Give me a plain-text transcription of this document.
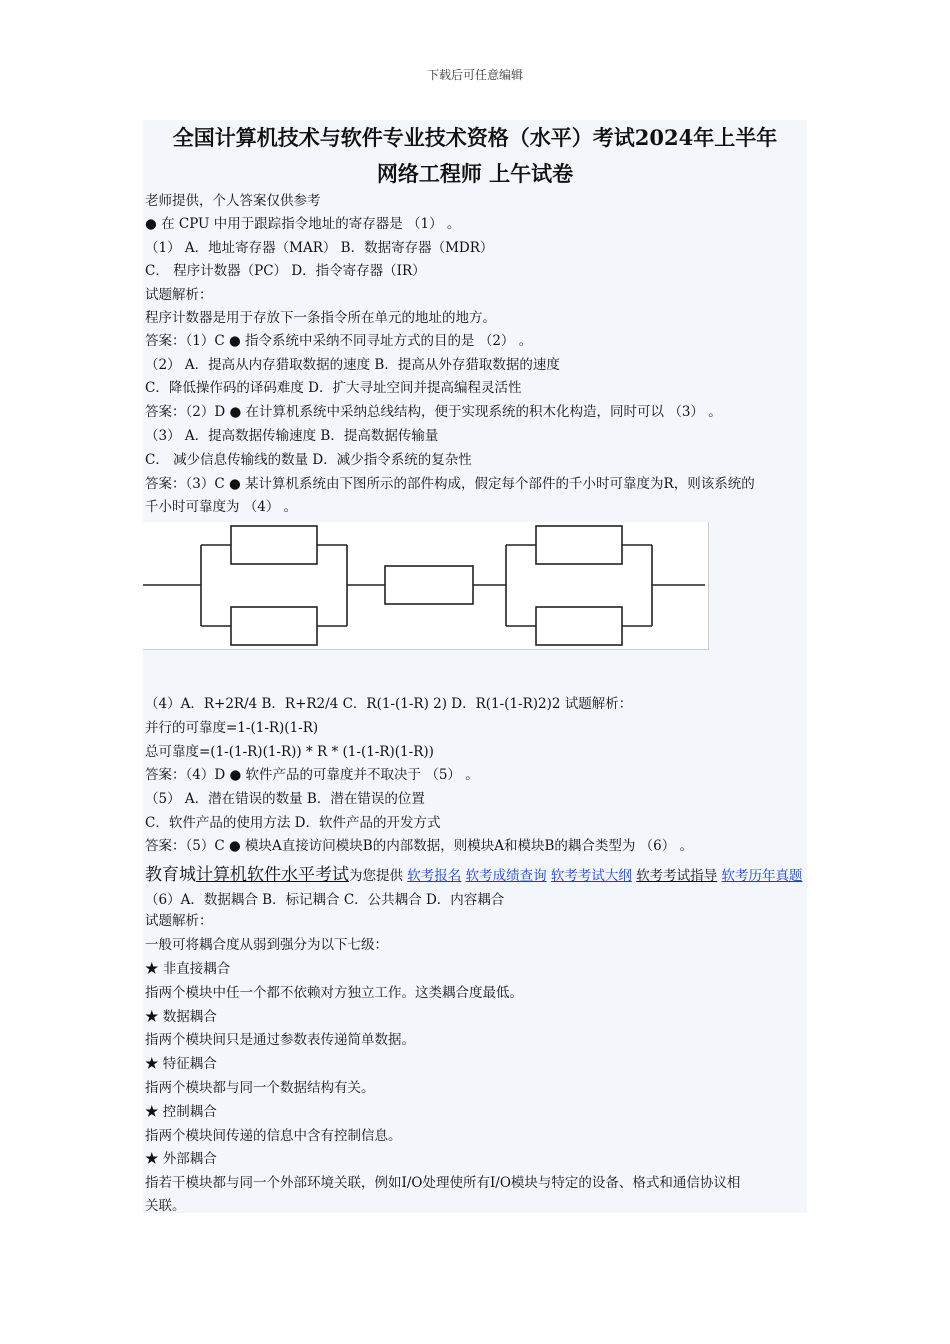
下载后可任意编辑
全国计算机技术与软件专业技术资格（水平）考试2024年上半年
网络工程师 上午试卷
老师提供，个人答案仅供参考
● 在 CPU 中用于跟踪指令地址的寄存器是 （1） 。
（1） A．地址寄存器（MAR） B．数据寄存器（MDR）
C． 程序计数器（PC） D．指令寄存器（IR）
试题解析：
程序计数器是用于存放下一条指令所在单元的地址的地方。
答案：（1）C ● 指令系统中采纳不同寻址方式的目的是 （2） 。
（2） A．提高从内存猎取数据的速度 B．提高从外存猎取数据的速度
C．降低操作码的译码难度 D．扩大寻址空间并提高编程灵活性
答案：（2）D ● 在计算机系统中采纳总线结构，便于实现系统的积木化构造，同时可以 （3） 。
（3） A．提高数据传输速度 B．提高数据传输量
C． 减少信息传输线的数量 D．减少指令系统的复杂性
答案：（3）C ● 某计算机系统由下图所示的部件构成，假定每个部件的千小时可靠度为R，则该系统的
千小时可靠度为 （4） 。
（4）A．R+2R/4 B．R+R2/4 C．R(1-(1-R) 2) D．R(1-(1-R)2)2 试题解析：
并行的可靠度=1-(1-R)(1-R)
总可靠度=(1-(1-R)(1-R)) * R * (1-(1-R)(1-R))
答案：（4）D ● 软件产品的可靠度并不取决于 （5） 。
（5） A．潜在错误的数量 B．潜在错误的位置
C．软件产品的使用方法 D．软件产品的开发方式
答案：（5）C ● 模块A直接访问模块B的内部数据，则模块A和模块B的耦合类型为 （6） 。
教育城计算机软件水平考试为您提供 软考报名 软考成绩查询 软考考试大纲 软考考试指导 软考历年真题（6）A．数据耦合 B．标记耦合 C．公共耦合 D．内容耦合
试题解析：
一般可将耦合度从弱到强分为以下七级：
★ 非直接耦合
指两个模块中任一个都不依赖对方独立工作。这类耦合度最低。
★ 数据耦合
指两个模块间只是通过参数表传递简单数据。
★ 特征耦合
指两个模块都与同一个数据结构有关。
★ 控制耦合
指两个模块间传递的信息中含有控制信息。
★ 外部耦合
指若干模块都与同一个外部环境关联，例如I/O处理使所有I/O模块与特定的设备、格式和通信协议相
关联。
